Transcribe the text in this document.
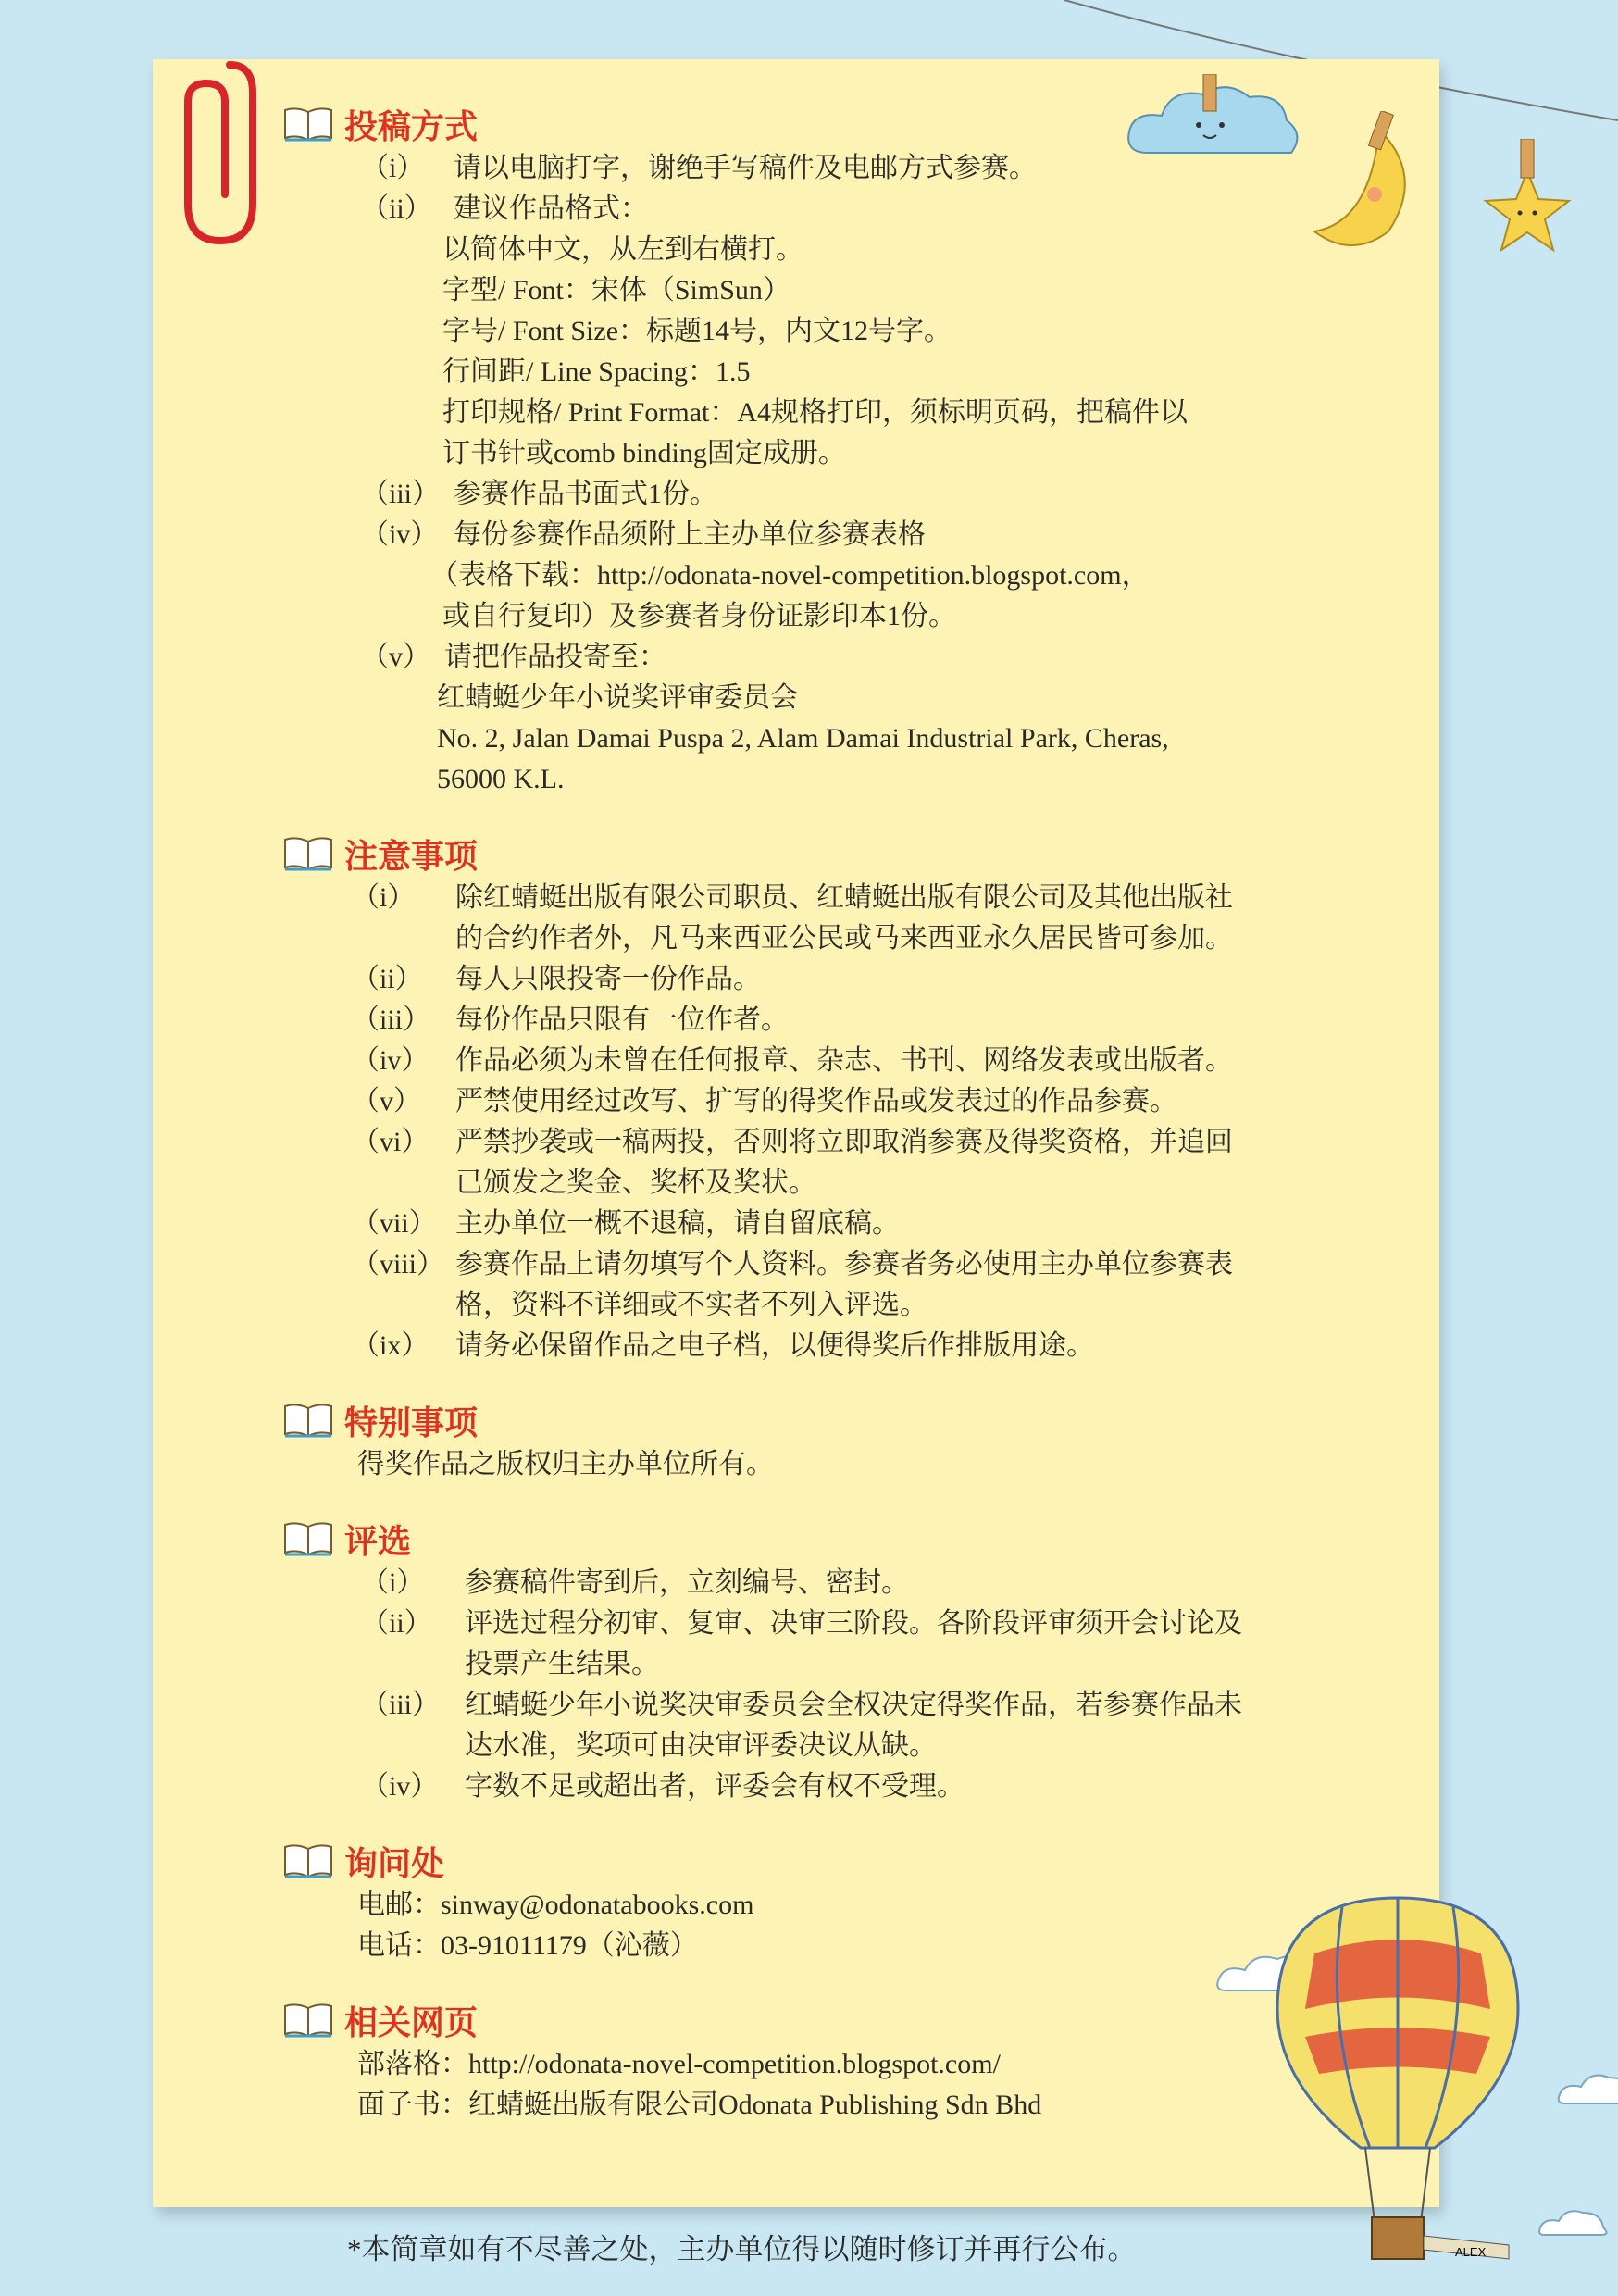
ALEX
投稿方式
（i）	请以电脑打字，谢绝手写稿件及电邮方式参赛。
（ii） 建议作品格式：
以简体中文，从左到右横打。
字型/ Font：宋体（SimSun）
字号/ Font Size：标题14号，内文12号字。
行间距/ Line Spacing：1.5
打印规格/ Print Format：A4规格打印，须标明页码，把稿件以
订书针或comb binding固定成册。
（iii） 参赛作品书面式1份。
（iv） 每份参赛作品须附上主办单位参赛表格
（表格下载：http://odonata-novel-competition.blogspot.com，
或自行复印）及参赛者身份证影印本1份。
（v） 请把作品投寄至：
红蜻蜓少年小说奖评审委员会
No. 2, Jalan Damai Puspa 2, Alam Damai Industrial Park, Cheras,
56000 K.L.
注意事项
（i）	除红蜻蜓出版有限公司职员、红蜻蜓出版有限公司及其他出版社
的合约作者外，凡马来西亚公民或马来西亚永久居民皆可参加。
（ii）	每人只限投寄一份作品。
（iii） 每份作品只限有一位作者。
（iv） 作品必须为未曾在任何报章、杂志、书刊、网络发表或出版者。
（v）	严禁使用经过改写、扩写的得奖作品或发表过的作品参赛。
（vi） 严禁抄袭或一稿两投，否则将立即取消参赛及得奖资格，并追回
已颁发之奖金、奖杯及奖状。
（vii） 主办单位一概不退稿，请自留底稿。
（viii） 参赛作品上请勿填写个人资料。参赛者务必使用主办单位参赛表
格，资料不详细或不实者不列入评选。
（ix） 请务必保留作品之电子档，以便得奖后作排版用途。
特别事项
得奖作品之版权归主办单位所有。
评选
（i）	参赛稿件寄到后，立刻编号、密封。
（ii）	评选过程分初审、复审、决审三阶段。各阶段评审须开会讨论及
投票产生结果。
（iii） 红蜻蜓少年小说奖决审委员会全权决定得奖作品，若参赛作品未
达水准，奖项可由决审评委决议从缺。
（iv） 字数不足或超出者，评委会有权不受理。
询问处
电邮：sinway@odonatabooks.com
电话：03-91011179（沁薇）
相关网页
部落格：http://odonata-novel-competition.blogspot.com/
面子书：红蜻蜓出版有限公司Odonata Publishing Sdn Bhd
*本简章如有不尽善之处，主办单位得以随时修订并再行公布。
